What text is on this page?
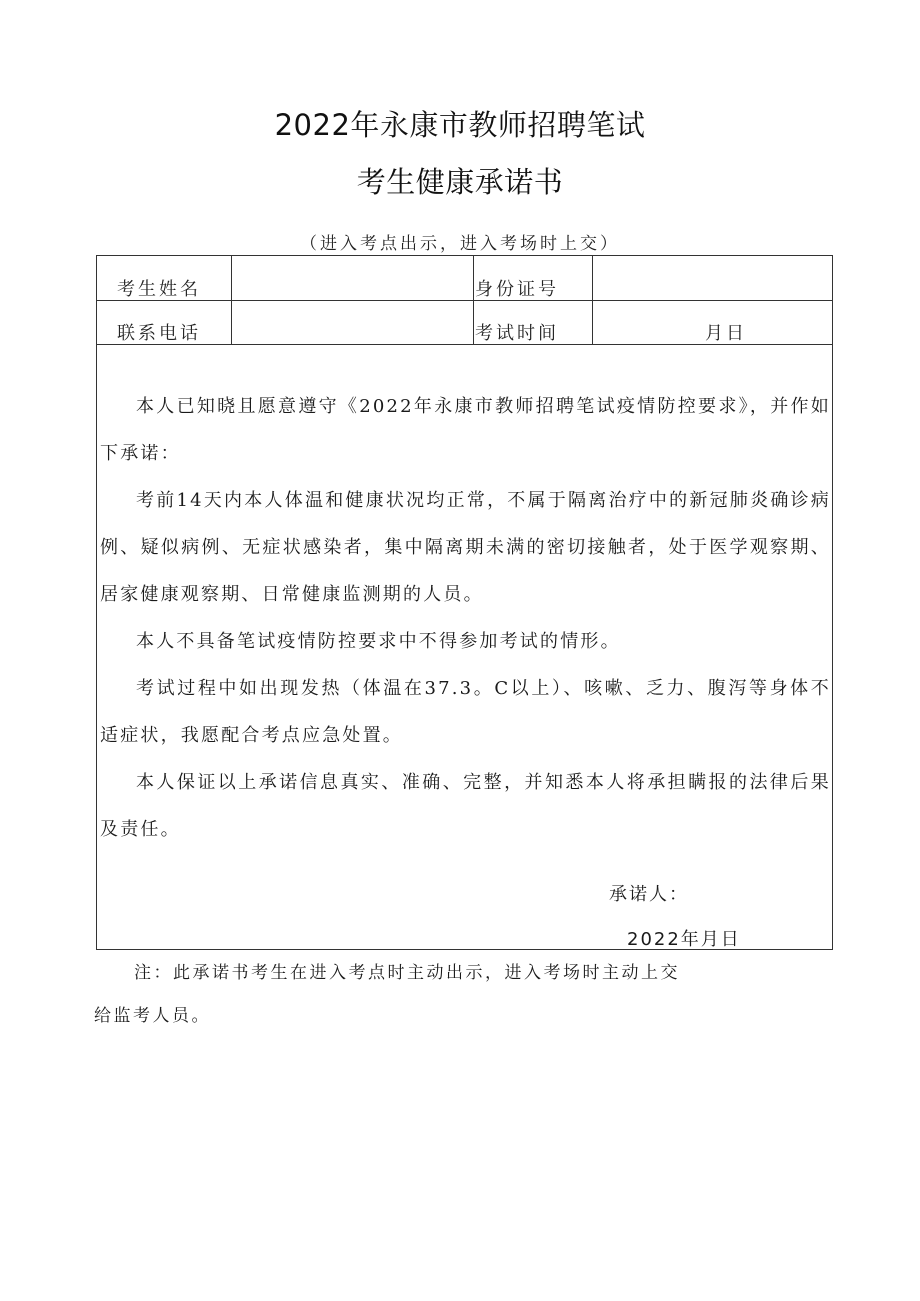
2022年永康市教师招聘笔试
考生健康承诺书
（进入考点出示，进入考场时上交）
考生姓名	身份证号
联系电话	考试时间	月日

本人已知晓且愿意遵守《2022年永康市教师招聘笔试疫情防控要求》，并作如下承诺：

考前14天内本人体温和健康状况均正常，不属于隔离治疗中的新冠肺炎确诊病例、疑似病例、无症状感染者，集中隔离期未满的密切接触者，处于医学观察期、居家健康观察期、日常健康监测期的人员。

本人不具备笔试疫情防控要求中不得参加考试的情形。

考试过程中如出现发热（体温在37.3。C以上）、咳嗽、乏力、腹泻等身体不适症状，我愿配合考点应急处置。

本人保证以上承诺信息真实、准确、完整，并知悉本人将承担瞒报的法律后果及责任。

承诺人：
2022年月日
注：此承诺书考生在进入考点时主动出示，进入考场时主动上交
给监考人员。
